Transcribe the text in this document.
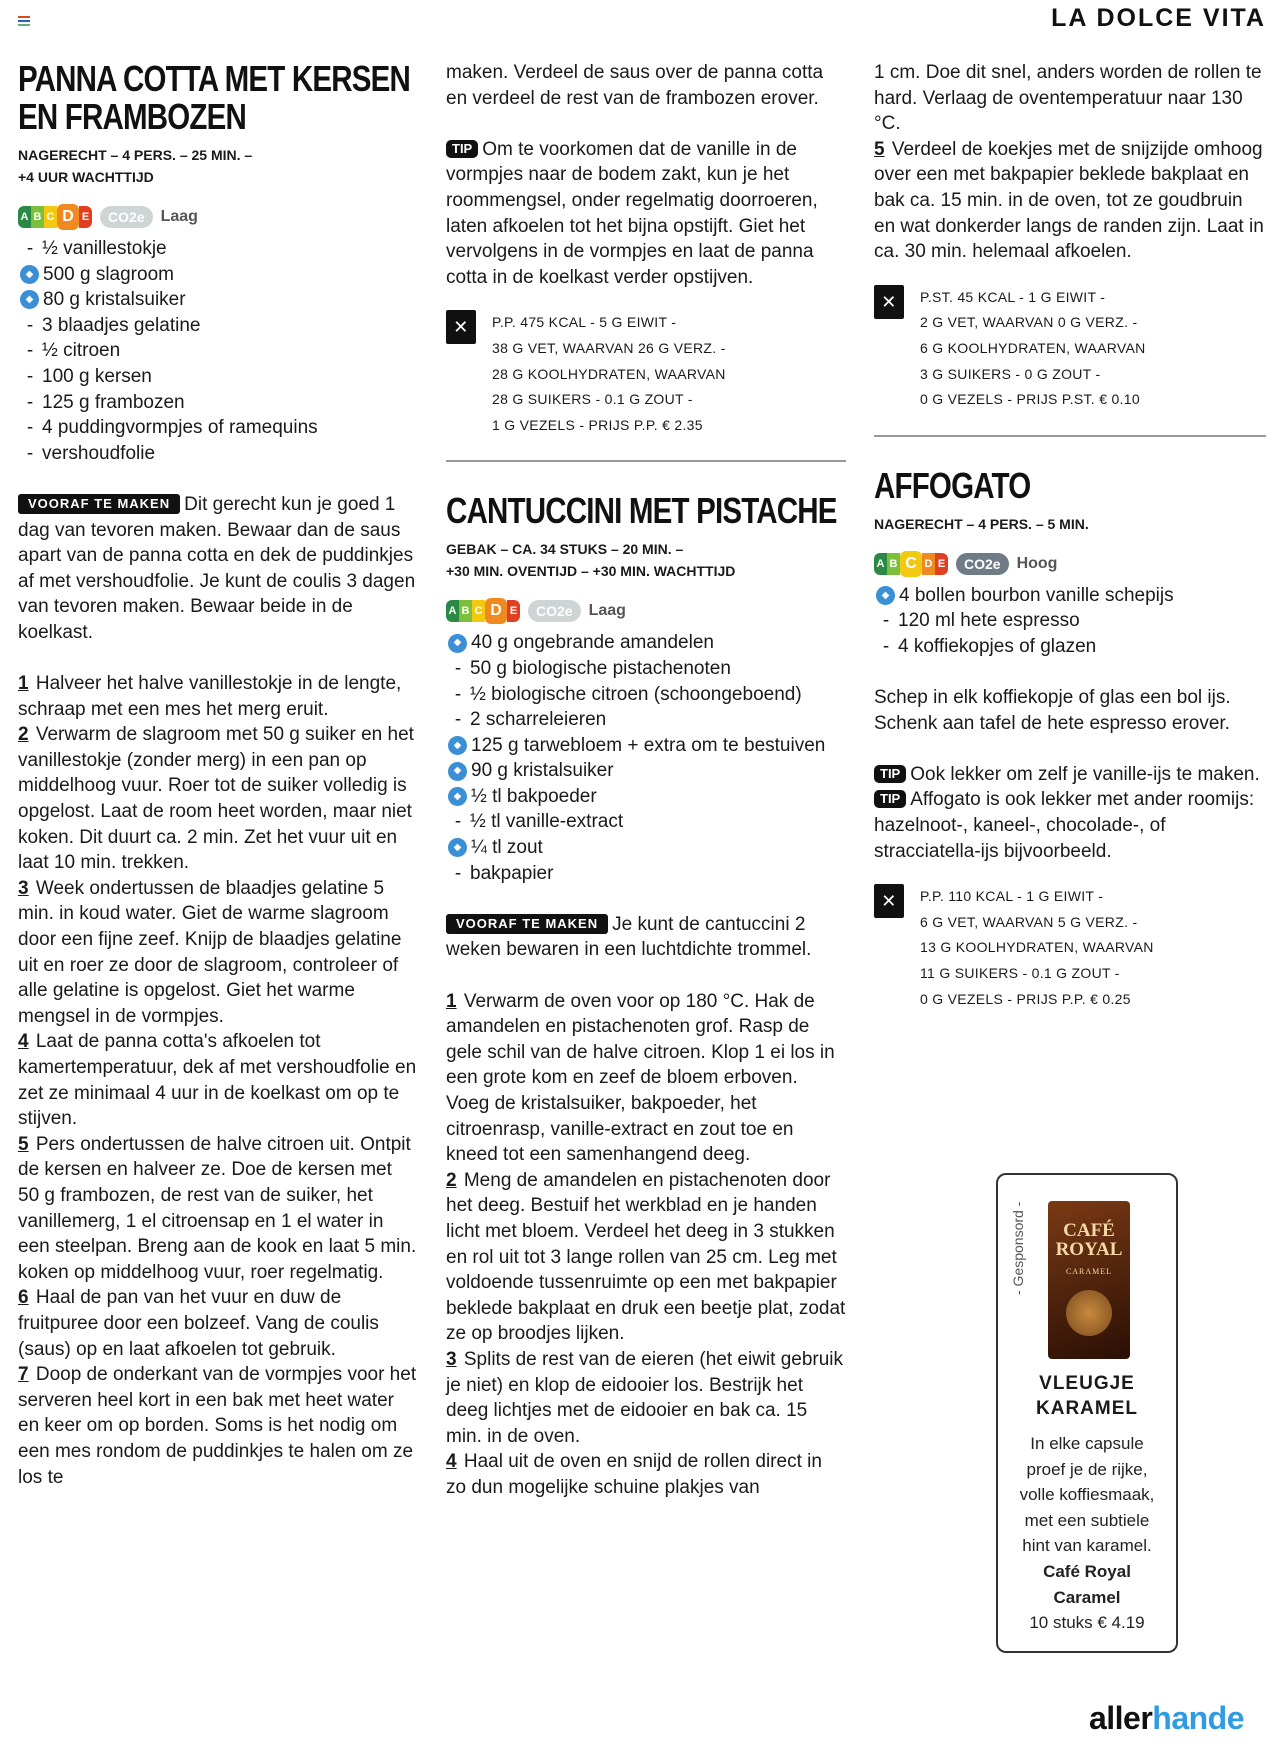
LA DOLCE VITA
PANNA COTTA MET KERSEN
EN FRAMBOZEN
NAGERECHT – 4 PERS. – 25 MIN. –
+4 UUR WACHTTIJD
A B C D E	CO2e	Laag
- ½ vanillestokje
◆ 500 g slagroom
◆ 80 g kristalsuiker
- 3 blaadjes gelatine
- ½ citroen
- 100 g kersen
- 125 g frambozen
- 4 puddingvormpjes of ramequins
- vershoudfolie

VOORAF TE MAKEN Dit gerecht kun je goed 1 dag van tevoren maken. Bewaar dan de saus apart van de panna cotta en dek de puddinkjes af met vershoudfolie. Je kunt de coulis 3 dagen van tevoren maken. Bewaar beide in de koelkast.

1 Halveer het halve vanillestokje in de lengte, schraap met een mes het merg eruit.

2 Verwarm de slagroom met 50 g suiker en het vanillestokje (zonder merg) in een pan op middelhoog vuur. Roer tot de suiker volledig is opgelost. Laat de room heet worden, maar niet koken. Dit duurt ca. 2 min. Zet het vuur uit en laat 10 min. trekken.

3 Week ondertussen de blaadjes gelatine 5 min. in koud water. Giet de warme slagroom door een fijne zeef. Knijp de blaadjes gelatine uit en roer ze door de slagroom, controleer of alle gelatine is opgelost. Giet het warme mengsel in de vormpjes.

4 Laat de panna cotta's afkoelen tot kamertemperatuur, dek af met vershoudfolie en zet ze minimaal 4 uur in de koelkast om op te stijven.

5 Pers ondertussen de halve citroen uit. Ontpit de kersen en halveer ze. Doe de kersen met 50 g frambozen, de rest van de suiker, het vanillemerg, 1 el citroensap en 1 el water in een steelpan. Breng aan de kook en laat 5 min. koken op middelhoog vuur, roer regelmatig.

6 Haal de pan van het vuur en duw de fruitpuree door een bolzeef. Vang de coulis (saus) op en laat afkoelen tot gebruik.

7 Doop de onderkant van de vormpjes voor het serveren heel kort in een bak met heet water en keer om op borden. Soms is het nodig om een mes rondom de puddinkjes te halen om ze los te

maken. Verdeel de saus over de panna cotta en verdeel de rest van de frambozen erover.

TIP Om te voorkomen dat de vanille in de vormpjes naar de bodem zakt, kun je het roommengsel, onder regelmatig doorroeren, laten afkoelen tot het bijna opstijft. Giet het vervolgens in de vormpjes en laat de panna cotta in de koelkast verder opstijven.

✕	P.P. 475 KCAL - 5 G EIWIT -
38 G VET, WAARVAN 26 G VERZ. -
28 G KOOLHYDRATEN, WAARVAN
28 G SUIKERS - 0.1 G ZOUT -
1 G VEZELS - PRIJS P.P. € 2.35
CANTUCCINI MET PISTACHE
GEBAK – CA. 34 STUKS – 20 MIN. –
+30 MIN. OVENTIJD – +30 MIN. WACHTTIJD
A B C D E	CO2e	Laag
◆ 40 g ongebrande amandelen
- 50 g biologische pistachenoten
- ½ biologische citroen (schoongeboend)
- 2 scharreleieren
◆ 125 g tarwebloem + extra om te bestuiven
◆ 90 g kristalsuiker
◆ ½ tl bakpoeder
- ½ tl vanille-extract
◆ ¼ tl zout
- bakpapier

VOORAF TE MAKEN Je kunt de cantuccini 2 weken bewaren in een luchtdichte trommel.

1 Verwarm de oven voor op 180 °C. Hak de amandelen en pistachenoten grof. Rasp de gele schil van de halve citroen. Klop 1 ei los in een grote kom en zeef de bloem erboven. Voeg de kristalsuiker, bakpoeder, het citroenrasp, vanille-extract en zout toe en kneed tot een samenhangend deeg.

2 Meng de amandelen en pistachenoten door het deeg. Bestuif het werkblad en je handen licht met bloem. Verdeel het deeg in 3 stukken en rol uit tot 3 lange rollen van 25 cm. Leg met voldoende tussenruimte op een met bakpapier beklede bakplaat en druk een beetje plat, zodat ze op broodjes lijken.

3 Splits de rest van de eieren (het eiwit gebruik je niet) en klop de eidooier los. Bestrijk het deeg lichtjes met de eidooier en bak ca. 15 min. in de oven.

4 Haal uit de oven en snijd de rollen direct in zo dun mogelijke schuine plakjes van

1 cm. Doe dit snel, anders worden de rollen te hard. Verlaag de oventemperatuur naar 130 °C.

5 Verdeel de koekjes met de snijzijde omhoog over een met bakpapier beklede bakplaat en bak ca. 15 min. in de oven, tot ze goudbruin en wat donkerder langs de randen zijn. Laat in ca. 30 min. helemaal afkoelen.

✕	P.ST. 45 KCAL - 1 G EIWIT -
2 G VET, WAARVAN 0 G VERZ. -
6 G KOOLHYDRATEN, WAARVAN
3 G SUIKERS - 0 G ZOUT -
0 G VEZELS - PRIJS P.ST. € 0.10
AFFOGATO
NAGERECHT – 4 PERS. – 5 MIN.
A B C D E	CO2e	Hoog
◆ 4 bollen bourbon vanille schepijs
- 120 ml hete espresso
- 4 koffiekopjes of glazen

Schep in elk koffiekopje of glas een bol ijs. Schenk aan tafel de hete espresso erover.

TIP Ook lekker om zelf je vanille-ijs te maken.

TIP Affogato is ook lekker met ander roomijs: hazelnoot-, kaneel-, chocolade-, of stracciatella-ijs bijvoorbeeld.

✕	P.P. 110 KCAL - 1 G EIWIT -
6 G VET, WAARVAN 5 G VERZ. -
13 G KOOLHYDRATEN, WAARVAN
11 G SUIKERS - 0.1 G ZOUT -
0 G VEZELS - PRIJS P.P. € 0.25
- Gesponsord -	CAFÉ ROYAL
CARAMEL
VLEUGJE
KARAMEL
In elke capsule proef je de rijke, volle koffiesmaak, met een subtiele hint van karamel.
Café Royal
Caramel
10 stuks € 4.19
allerhande
